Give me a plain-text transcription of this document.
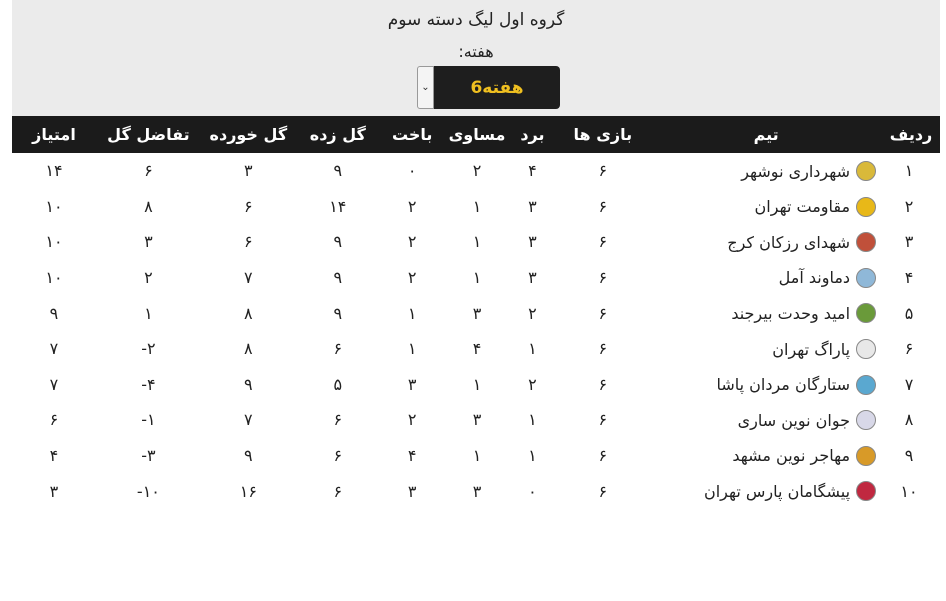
گروه اول لیگ دسته سوم
هفته:
⌄	هفته6
ردیف	تیم	بازی ها	برد	مساوی	باخت	گل زده	گل خورده	تفاضل گل	امتیاز
۱	شهرداری نوشهر	۶	۴	۲	۰	۹	۳	۶	۱۴
۲	مقاومت تهران	۶	۳	۱	۲	۱۴	۶	۸	۱۰
۳	شهدای رزکان کرج	۶	۳	۱	۲	۹	۶	۳	۱۰
۴	دماوند آمل	۶	۳	۱	۲	۹	۷	۲	۱۰
۵	امید وحدت بیرجند	۶	۲	۳	۱	۹	۸	۱	۹
۶	پاراگ تهران	۶	۱	۴	۱	۶	۸	۲-	۷
۷	ستارگان مردان پاشا	۶	۲	۱	۳	۵	۹	۴-	۷
۸	جوان نوین ساری	۶	۱	۳	۲	۶	۷	۱-	۶
۹	مهاجر نوین مشهد	۶	۱	۱	۴	۶	۹	۳-	۴
۱۰	پیشگامان پارس تهران	۶	۰	۳	۳	۶	۱۶	۱۰-	۳
